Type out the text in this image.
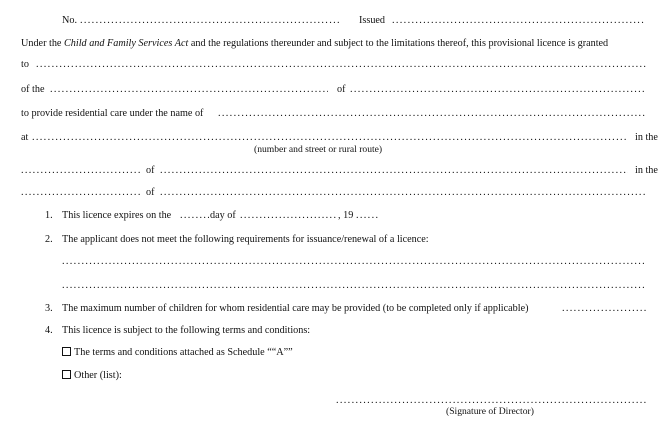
No. . . .	Issued
. . .
Under the Child and Family Services Act and the regulations thereunder and subject to the limitations thereof, this provisional licence is granted
to
. . .
of the . . .	of
. . .
to provide residential care under the name of
. . .
at . . .	in the
(number and street or rural route)
. . .
of . . .	in the
. . .
of
. . .
1. This licence expires on the . . .	day of . . .	, 19
. . .
2. The applicant does not meet the following requirements for issuance/renewal of a licence:
. . .
. . .
3. The maximum number of children for whom residential care may be provided (to be completed only if applicable)
. . .
4. This licence is subject to the following terms and conditions:
The terms and conditions attached as Schedule ““A””
Other (list):
. . .
(Signature of Director)
